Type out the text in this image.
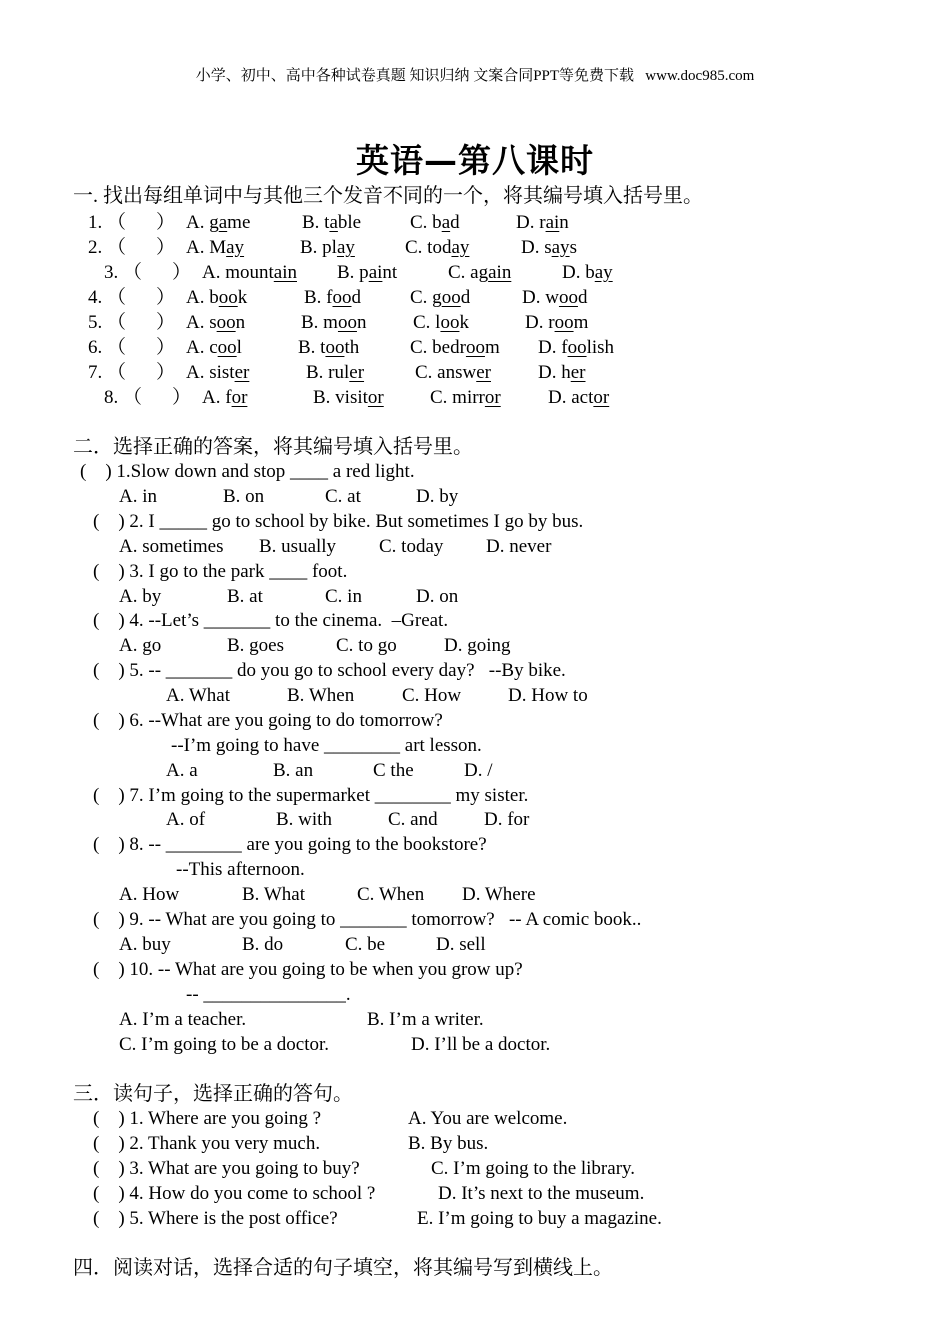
小学、初中、高中各种试卷真题 知识归纳 文案合同PPT等免费下载   www.doc985.com
英语—第八课时
一. 找出每组单词中与其他三个发音不同的一个，将其编号填入括号里。
1. （ ） A. game	B. table	C. bad	D. rain
2. （ ） A. May	B. play	C. today	D. says
3. （ ） A. mountain B. paint	C. again	D. bay
4. （ ） A. book	B. food	C. good	D. wood
5. （ ） A. soon	B. moon C. look	D. room
6. （ ） A. cool	B. tooth	C. bedroom D. foolish
7. （ ） A. sister	B. ruler	C. answer D. her
8. （ ） A. for	B. visitor C. mirror D. actor
二．选择正确的答案，将其编号填入括号里。
(    ) 1.Slow down and stop ____ a red light.
A. in	B. on	C. at	D. by
(    ) 2. I _____ go to school by bike. But sometimes I go by bus.
A. sometimes B. usually C. today D. never
(    ) 3. I go to the park ____ foot.
A. by	B. at	C. in	D. on
(    ) 4. --Let’s _______ to the cinema.  –Great.
A. go	B. goes	C. to go D. going
(    ) 5. -- _______ do you go to school every day?   --By bike.
A. What	B. When	C. How D. How to
(    ) 6. --What are you going to do tomorrow?
--I’m going to have ________ art lesson.
A. a	B. an	C the	D. /
(    ) 7. I’m going to the supermarket ________ my sister.
A. of	B. with	C. and D. for
(    ) 8. -- ________ are you going to the bookstore?
--This afternoon.
A. How	B. What	C. When D. Where
(    ) 9. -- What are you going to _______ tomorrow?   -- A comic book..
A. buy	B. do	C. be	D. sell
(    ) 10. -- What are you going to be when you grow up?
-- _______________.
A. I’m a teacher.	B. I’m a writer.
C. I’m going to be a doctor.	D. I’ll be a doctor.
三．读句子，选择正确的答句。
(    ) 1. Where are you going ?	A. You are welcome.
(    ) 2. Thank you very much.	B. By bus.
(    ) 3. What are you going to buy?	C. I’m going to the library.
(    ) 4. How do you come to school ?	D. It’s next to the museum.
(    ) 5. Where is the post office?	E. I’m going to buy a magazine.
四．阅读对话，选择合适的句子填空，将其编号写到横线上。
